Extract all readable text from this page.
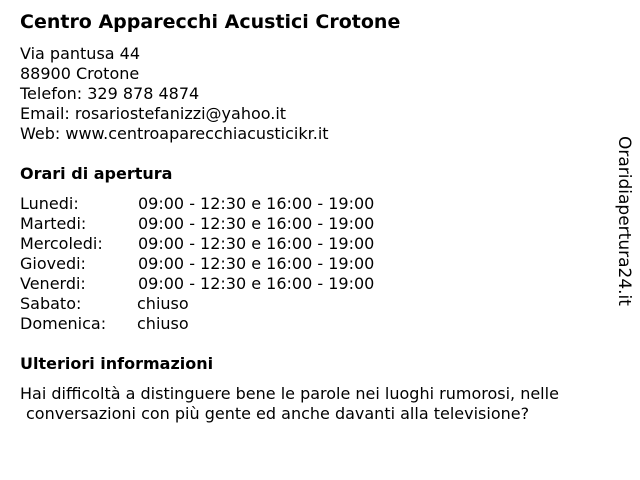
Centro Apparecchi Acustici Crotone
Via pantusa 44
88900 Crotone
Telefon: 329 878 4874
Email: rosariostefanizzi@yahoo.it
Web: www.centroaparecchiacusticikr.it
Orari di apertura
Lunedi:	09:00 - 12:30 e 16:00 - 19:00
Martedi:	09:00 - 12:30 e 16:00 - 19:00
Mercoledi: 09:00 - 12:30 e 16:00 - 19:00
Giovedi:	09:00 - 12:30 e 16:00 - 19:00
Venerdi:	09:00 - 12:30 e 16:00 - 19:00
Sabato:	chiuso
Domenica: chiuso
Ulteriori informazioni
Hai difficoltà a distinguere bene le parole nei luoghi rumorosi, nelle
conversazioni con più gente ed anche davanti alla televisione?
Oraridiapertura24.it
